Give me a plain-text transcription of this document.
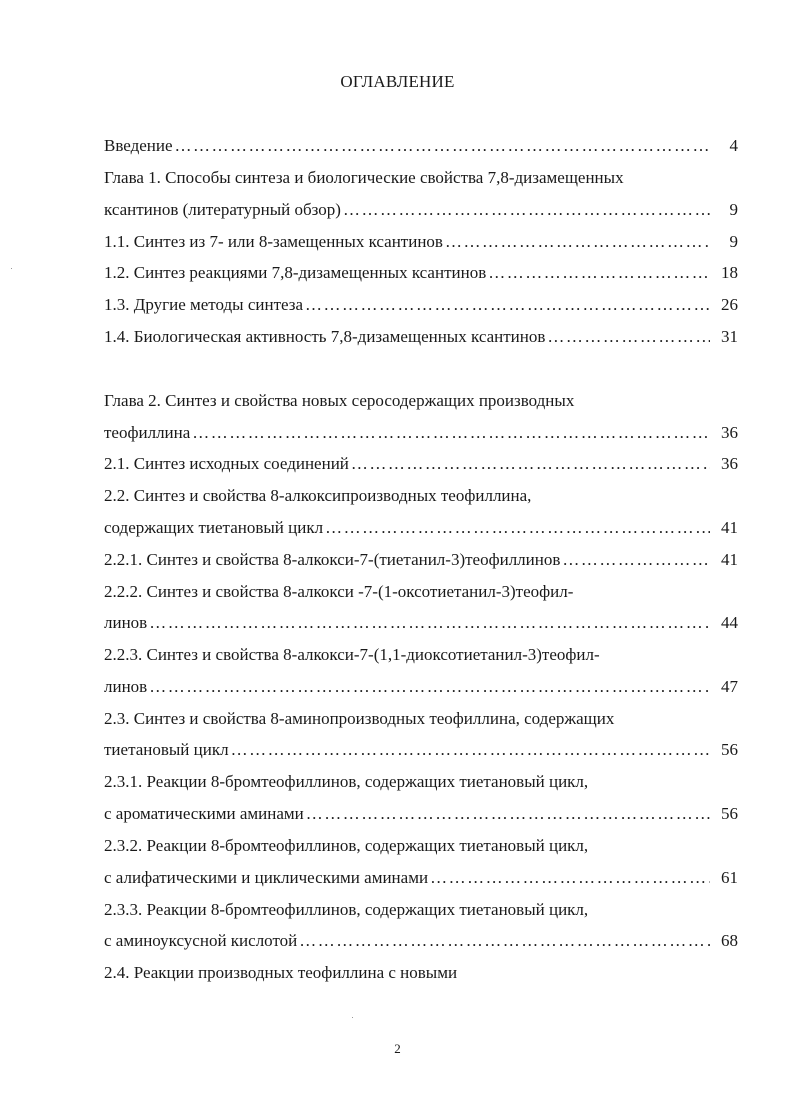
ОГЛАВЛЕНИЕ
Введение ……………………………………………………………………………………………………………………………………………………………………	4
Глава 1. Способы синтеза и биологические свойства 7,8-дизамещенных
ксантинов (литературный обзор) ……………………………………………………………………………………………………………………………………………………………………	9
1.1. Синтез из 7- или 8-замещенных ксантинов ……………………………………………………………………………………………………………………………………………………………………	9
1.2. Синтез реакциями 7,8-дизамещенных ксантинов ……………………………………………………………………………………………………………………………………………………………………	18
1.3. Другие методы синтеза ……………………………………………………………………………………………………………………………………………………………………	26
1.4. Биологическая активность 7,8-дизамещенных ксантинов ……………………………………………………………………………………………………………………………………………………………………	31
Глава 2. Синтез и свойства новых серосодержащих производных
теофиллина ……………………………………………………………………………………………………………………………………………………………………	36
2.1. Синтез исходных соединений ……………………………………………………………………………………………………………………………………………………………………	36
2.2. Синтез и свойства 8-алкоксипроизводных теофиллина,
содержащих тиетановый цикл ……………………………………………………………………………………………………………………………………………………………………	41
2.2.1. Синтез и свойства 8-алкокси-7-(тиетанил-3)теофиллинов ……………………………………………………………………………………………………………………………………………………………………	41
2.2.2. Синтез и свойства 8-алкокси -7-(1-оксотиетанил-3)теофил-
линов ……………………………………………………………………………………………………………………………………………………………………	44
2.2.3. Синтез и свойства 8-алкокси-7-(1,1-диоксотиетанил-3)теофил-
линов ……………………………………………………………………………………………………………………………………………………………………	47
2.3. Синтез и свойства 8-аминопроизводных теофиллина, содержащих
тиетановый цикл ……………………………………………………………………………………………………………………………………………………………………	56
2.3.1. Реакции 8-бромтеофиллинов, содержащих тиетановый цикл,
с ароматическими аминами ……………………………………………………………………………………………………………………………………………………………………	56
2.3.2. Реакции 8-бромтеофиллинов, содержащих тиетановый цикл,
с алифатическими и циклическими аминами ……………………………………………………………………………………………………………………………………………………………………	61
2.3.3. Реакции 8-бромтеофиллинов, содержащих тиетановый цикл,
с аминоуксусной кислотой ……………………………………………………………………………………………………………………………………………………………………	68
2.4. Реакции производных теофиллина с новыми
2
